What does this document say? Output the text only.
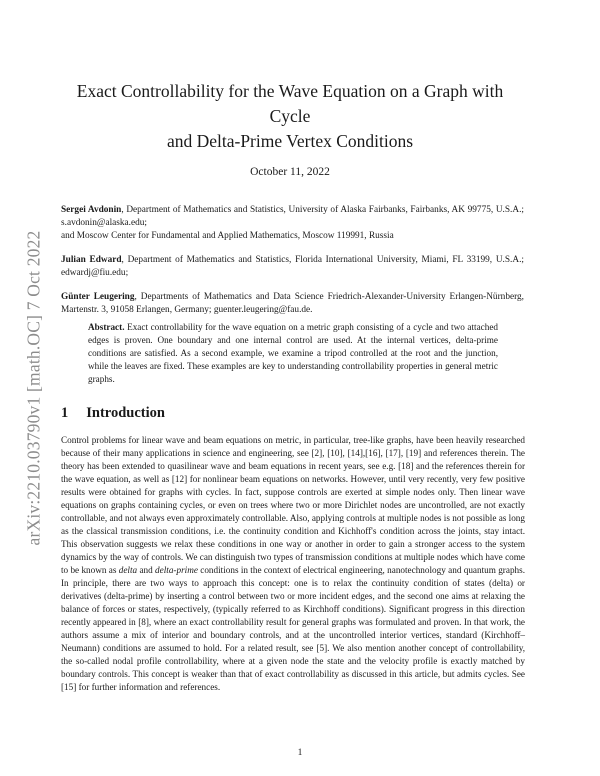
arXiv:2210.03790v1 [math.OC] 7 Oct 2022
Exact Controllability for the Wave Equation on a Graph with Cycle
and Delta-Prime Vertex Conditions
October 11, 2022

Sergei Avdonin, Department of Mathematics and Statistics, University of Alaska Fairbanks, Fairbanks, AK 99775, U.S.A.; s.avdonin@alaska.edu;
and Moscow Center for Fundamental and Applied Mathematics, Moscow 119991, Russia

Julian Edward, Department of Mathematics and Statistics, Florida International University, Miami, FL 33199, U.S.A.; edwardj@fiu.edu;

Günter Leugering, Departments of Mathematics and Data Science Friedrich-Alexander-University Erlangen-Nürnberg, Martenstr. 3, 91058 Erlangen, Germany; guenter.leugering@fau.de.

Abstract. Exact controllability for the wave equation on a metric graph consisting of a cycle and two attached edges is proven. One boundary and one internal control are used. At the internal vertices, delta-prime conditions are satisfied. As a second example, we examine a tripod controlled at the root and the junction, while the leaves are fixed. These examples are key to understanding controllability properties in general metric graphs.

1 Introduction

Control problems for linear wave and beam equations on metric, in particular, tree-like graphs, have been heavily researched because of their many applications in science and engineering, see [2], [10], [14],[16], [17], [19] and references therein. The theory has been extended to quasilinear wave and beam equations in recent years, see e.g. [18] and the references therein for the wave equation, as well as [12] for nonlinear beam equations on networks. However, until very recently, very few positive results were obtained for graphs with cycles. In fact, suppose controls are exerted at simple nodes only. Then linear wave equations on graphs containing cycles, or even on trees where two or more Dirichlet nodes are uncontrolled, are not exactly controllable, and not always even approximately controllable. Also, applying controls at multiple nodes is not possible as long as the classical transmission conditions, i.e. the continuity condition and Kichhoff's condition across the joints, stay intact. This observation suggests we relax these conditions in one way or another in order to gain a stronger access to the system dynamics by the way of controls. We can distinguish two types of transmission conditions at multiple nodes which have come to be known as delta and delta-prime conditions in the context of electrical engineering, nanotechnology and quantum graphs. In principle, there are two ways to approach this concept: one is to relax the continuity condition of states (delta) or derivatives (delta-prime) by inserting a control between two or more incident edges, and the second one aims at relaxing the balance of forces or states, respectively, (typically referred to as Kirchhoff conditions). Significant progress in this direction recently appeared in [8], where an exact controllability result for general graphs was formulated and proven. In that work, the authors assume a mix of interior and boundary controls, and at the uncontrolled interior vertices, standard (Kirchhoff–Neumann) conditions are assumed to hold. For a related result, see [5]. We also mention another concept of controllability, the so-called nodal profile controllability, where at a given node the state and the velocity profile is exactly matched by boundary controls. This concept is weaker than that of exact controllability as discussed in this article, but admits cycles. See [15] for further information and references.

1
